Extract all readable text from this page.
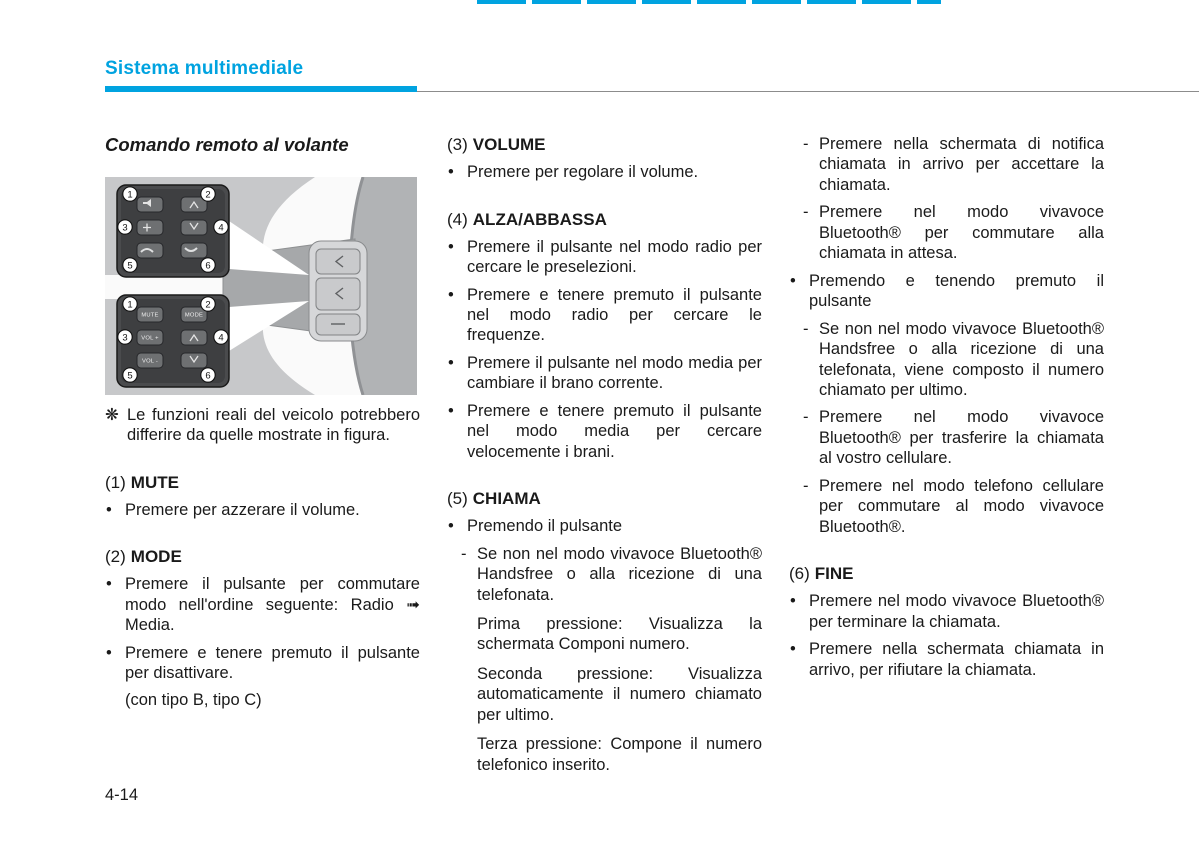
Sistema multimediale
Comando remoto al volante
1	2
3	4
5	6
MUTE	MODE
VOL +
VOL -
1	2
3	4
5	6
❋ Le funzioni reali del veicolo potrebbero differire da quelle mostrate in figura.

(1) MUTE

• Premere per azzerare il volume.

(2) MODE

• Premere il pulsante per commutare modo nell'ordine seguente: Radio ➟ Media.

• Premere e tenere premuto il pulsante per disattivare.

(con tipo B, tipo C)

(3) VOLUME

• Premere per regolare il volume.

(4) ALZA/ABBASSA

• Premere il pulsante nel modo radio per cercare le preselezioni.

• Premere e tenere premuto il pulsante nel modo radio per cercare le frequenze.

• Premere il pulsante nel modo media per cambiare il brano corrente.

• Premere e tenere premuto il pulsante nel modo media per cercare velocemente i brani.

(5) CHIAMA

• Premendo il pulsante

- Se non nel modo vivavoce Bluetooth® Handsfree o alla ricezione di una telefonata.

Prima pressione: Visualizza la schermata Componi numero.

Seconda pressione: Visualizza automaticamente il numero chiamato per ultimo.

Terza pressione: Compone il numero telefonico inserito.

- Premere nella schermata di notifica chiamata in arrivo per accettare la chiamata.

- Premere nel modo vivavoce Bluetooth® per commutare alla chiamata in attesa.

• Premendo e tenendo premuto il pulsante

- Se non nel modo vivavoce Bluetooth® Handsfree o alla ricezione di una telefonata, viene composto il numero chiamato per ultimo.

- Premere nel modo vivavoce Bluetooth® per trasferire la chiamata al vostro cellulare.

- Premere nel modo telefono cellulare per commutare al modo vivavoce Bluetooth®.

(6) FINE

• Premere nel modo vivavoce Bluetooth® per terminare la chiamata.

• Premere nella schermata chiamata in arrivo, per rifiutare la chiamata.

4-14
